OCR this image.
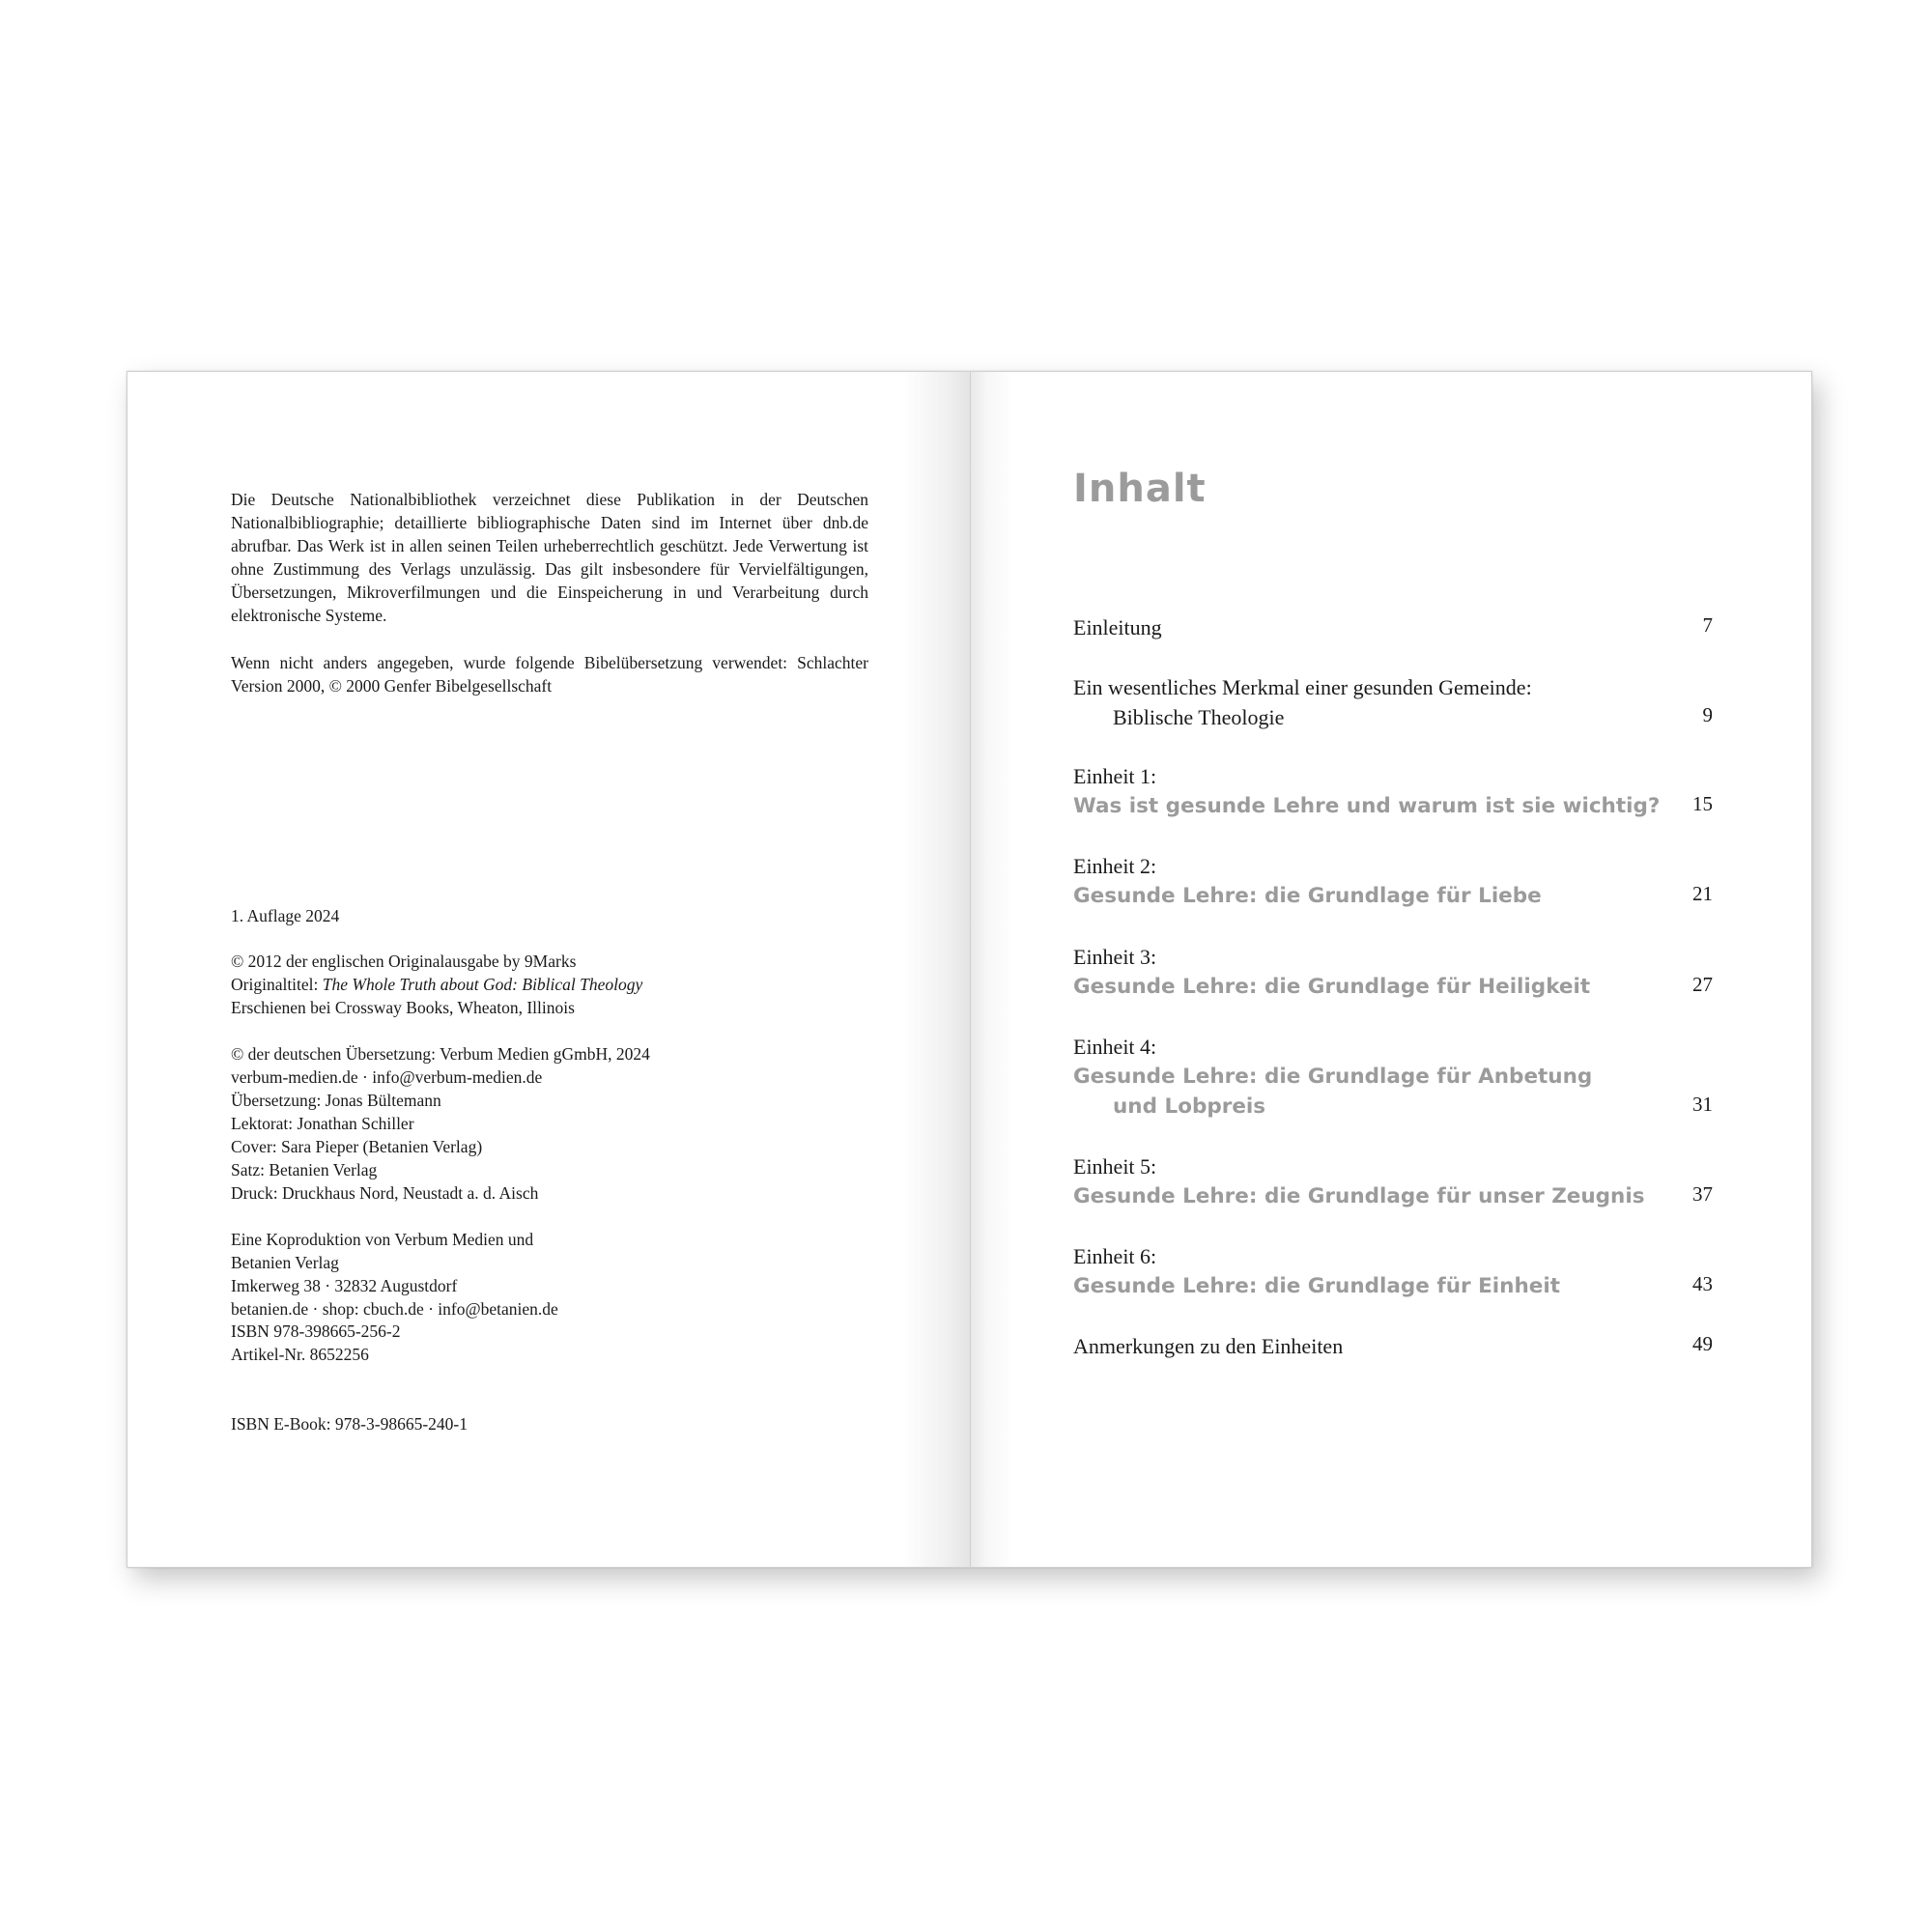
Die Deutsche Nationalbibliothek verzeichnet diese Publikation in der Deutschen Nationalbibliographie; detaillierte bibliographische Daten sind im Internet über dnb.de abrufbar. Das Werk ist in allen seinen Teilen urheberrechtlich geschützt. Jede Verwertung ist ohne Zustimmung des Verlags unzulässig. Das gilt insbesondere für Vervielfältigungen, Übersetzungen, Mikroverfilmungen und die Einspeicherung in und Verarbeitung durch elektronische Systeme.

Wenn nicht anders angegeben, wurde folgende Bibelübersetzung verwendet: Schlachter Version 2000, © 2000 Genfer Bibelgesellschaft

1. Auflage 2024
© 2012 der englischen Originalausgabe by 9Marks
Originaltitel: The Whole Truth about God: Biblical Theology
Erschienen bei Crossway Books, Wheaton, Illinois
© der deutschen Übersetzung: Verbum Medien gGmbH, 2024
verbum-medien.de · info@verbum-medien.de
Übersetzung: Jonas Bültemann
Lektorat: Jonathan Schiller
Cover: Sara Pieper (Betanien Verlag)
Satz: Betanien Verlag
Druck: Druckhaus Nord, Neustadt a. d. Aisch
Eine Koproduktion von Verbum Medien und
Betanien Verlag
Imkerweg 38 · 32832 Augustdorf
betanien.de · shop: cbuch.de · info@betanien.de
ISBN 978-398665-256-2
Artikel-Nr. 8652256
ISBN E-Book: 978-3-98665-240-1
Inhalt
Einleitung	7
Ein wesentliches Merkmal einer gesunden Gemeinde:
Biblische Theologie	9
Einheit 1:
Was ist gesunde Lehre und warum ist sie wichtig?	15
Einheit 2:
Gesunde Lehre: die Grundlage für Liebe	21
Einheit 3:
Gesunde Lehre: die Grundlage für Heiligkeit	27
Einheit 4:
Gesunde Lehre: die Grundlage für Anbetung
und Lobpreis	31
Einheit 5:
Gesunde Lehre: die Grundlage für unser Zeugnis	37
Einheit 6:
Gesunde Lehre: die Grundlage für Einheit	43
Anmerkungen zu den Einheiten	49
